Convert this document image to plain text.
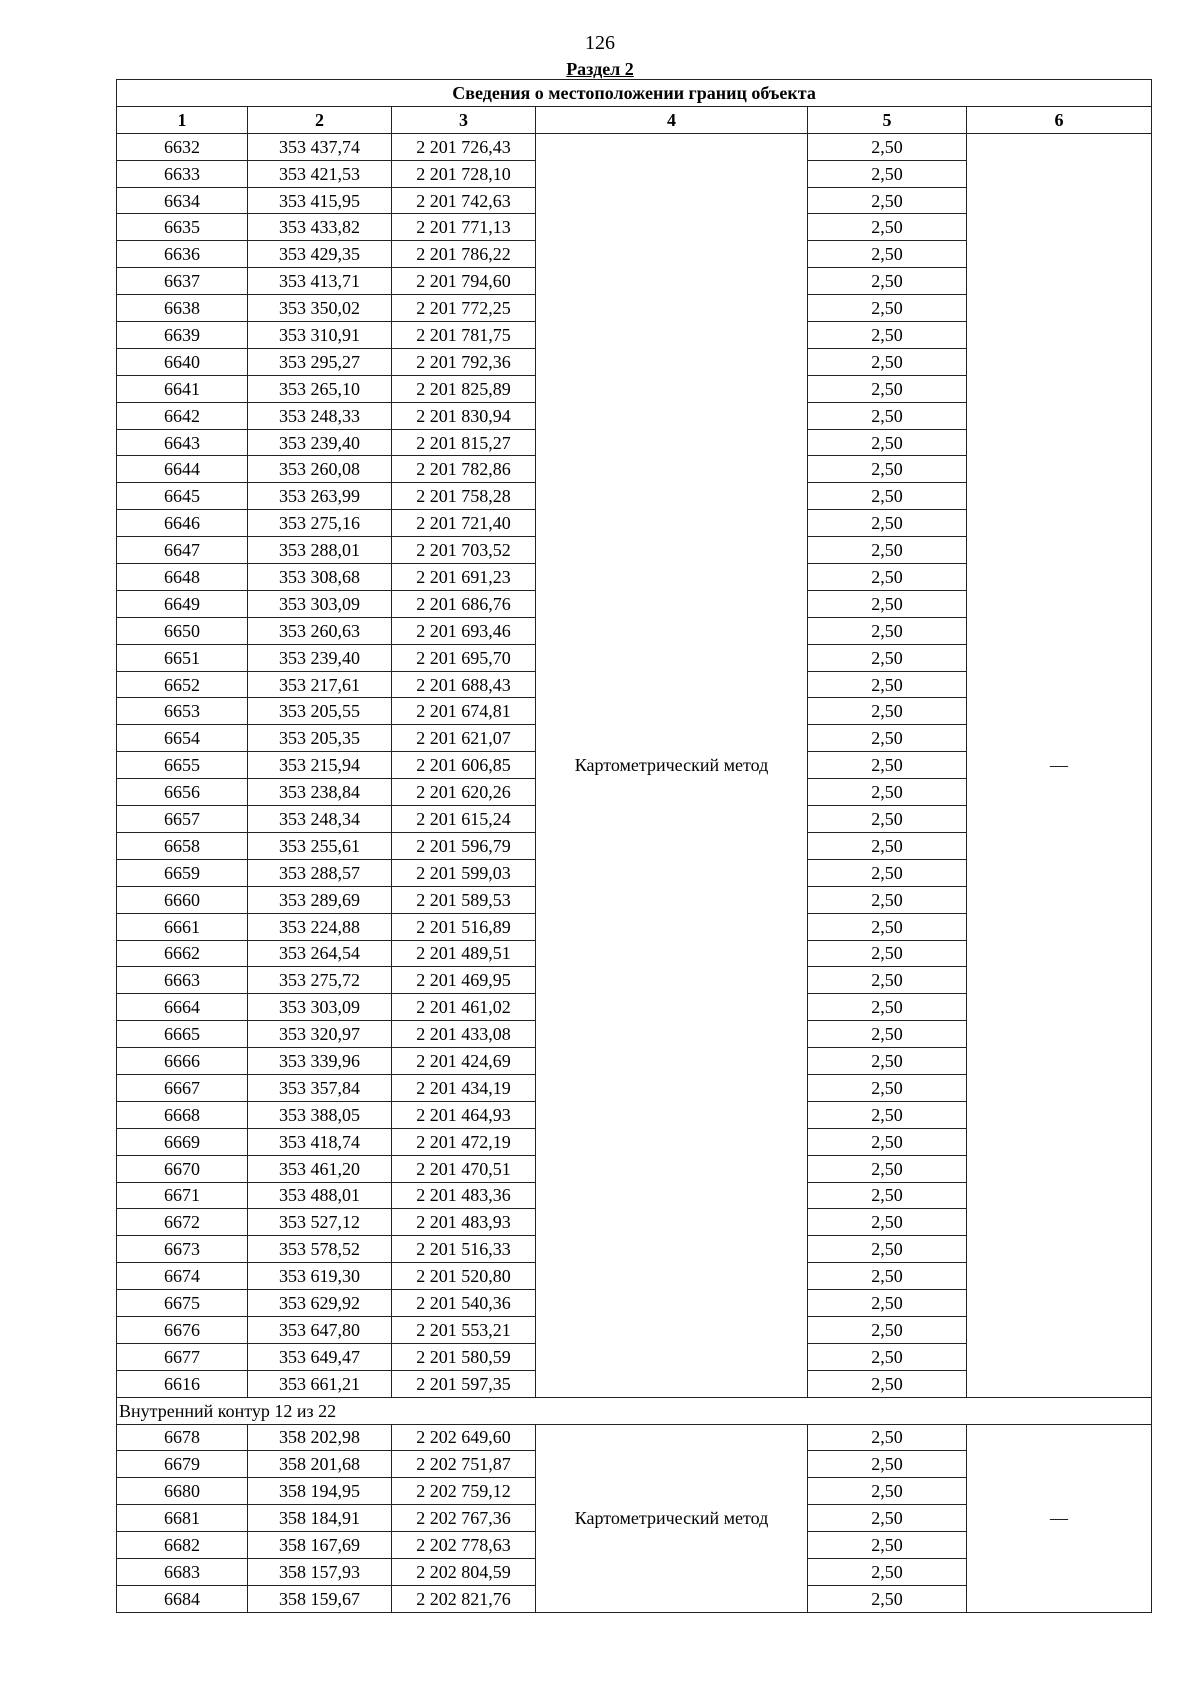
126
Раздел 2
Сведения о местоположении границ объекта					
1	2	3	4	5	6
6632	353 437,74	2 201 726,43	Картометрический метод	2,50	—
6633	353 421,53	2 201 728,10		2,50	
6634	353 415,95	2 201 742,63		2,50	
6635	353 433,82	2 201 771,13		2,50	
6636	353 429,35	2 201 786,22		2,50	
6637	353 413,71	2 201 794,60		2,50	
6638	353 350,02	2 201 772,25		2,50	
6639	353 310,91	2 201 781,75		2,50	
6640	353 295,27	2 201 792,36		2,50	
6641	353 265,10	2 201 825,89		2,50	
6642	353 248,33	2 201 830,94		2,50	
6643	353 239,40	2 201 815,27		2,50	
6644	353 260,08	2 201 782,86		2,50	
6645	353 263,99	2 201 758,28		2,50	
6646	353 275,16	2 201 721,40		2,50	
6647	353 288,01	2 201 703,52		2,50	
6648	353 308,68	2 201 691,23		2,50	
6649	353 303,09	2 201 686,76		2,50	
6650	353 260,63	2 201 693,46		2,50	
6651	353 239,40	2 201 695,70		2,50	
6652	353 217,61	2 201 688,43		2,50	
6653	353 205,55	2 201 674,81		2,50	
6654	353 205,35	2 201 621,07		2,50	
6655	353 215,94	2 201 606,85		2,50	
6656	353 238,84	2 201 620,26		2,50	
6657	353 248,34	2 201 615,24		2,50	
6658	353 255,61	2 201 596,79		2,50	
6659	353 288,57	2 201 599,03		2,50	
6660	353 289,69	2 201 589,53		2,50	
6661	353 224,88	2 201 516,89		2,50	
6662	353 264,54	2 201 489,51		2,50	
6663	353 275,72	2 201 469,95		2,50	
6664	353 303,09	2 201 461,02		2,50	
6665	353 320,97	2 201 433,08		2,50	
6666	353 339,96	2 201 424,69		2,50	
6667	353 357,84	2 201 434,19		2,50	
6668	353 388,05	2 201 464,93		2,50	
6669	353 418,74	2 201 472,19		2,50	
6670	353 461,20	2 201 470,51		2,50	
6671	353 488,01	2 201 483,36		2,50	
6672	353 527,12	2 201 483,93		2,50	
6673	353 578,52	2 201 516,33		2,50	
6674	353 619,30	2 201 520,80		2,50	
6675	353 629,92	2 201 540,36		2,50	
6676	353 647,80	2 201 553,21		2,50	
6677	353 649,47	2 201 580,59		2,50	
6616	353 661,21	2 201 597,35		2,50	
Внутренний контур 12 из 22					
6678	358 202,98	2 202 649,60	Картометрический метод	2,50	—
6679	358 201,68	2 202 751,87		2,50	
6680	358 194,95	2 202 759,12		2,50	
6681	358 184,91	2 202 767,36		2,50	
6682	358 167,69	2 202 778,63		2,50	
6683	358 157,93	2 202 804,59		2,50	
6684	358 159,67	2 202 821,76		2,50	
